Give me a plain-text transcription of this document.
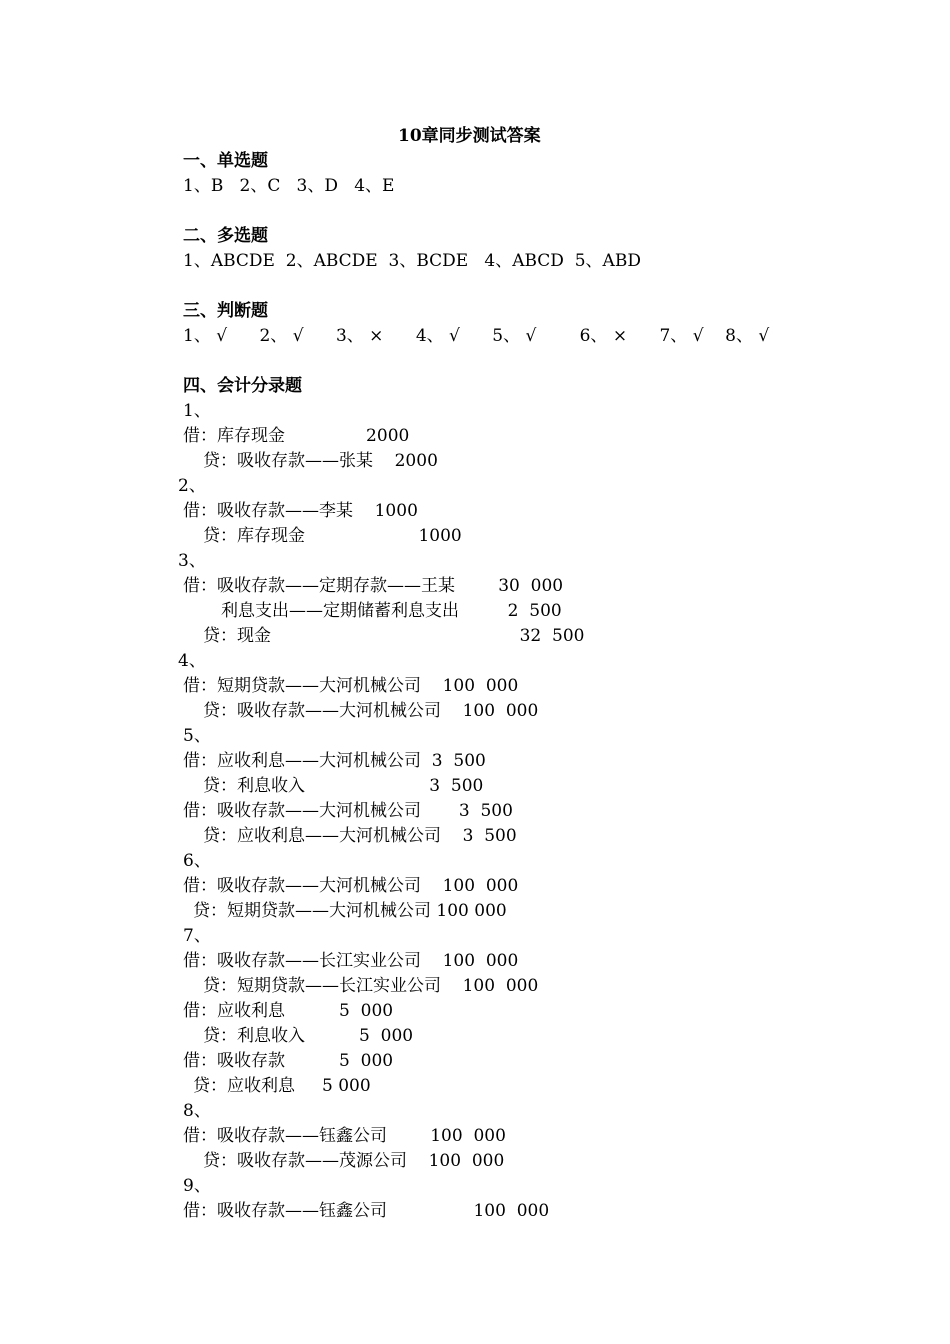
10章同步测试答案
一、单选题
1、B   2、C   3、D   4、E
二、多选题
1、ABCDE  2、ABCDE  3、BCDE   4、ABCD  5、ABD
三、判断题
1、 √      2、 √      3、 ×      4、 √      5、 √        6、 ×      7、 √    8、 √
四、会计分录题
1、
借：库存现金               2000
贷：吸收存款——张某    2000
2、
借：吸收存款——李某    1000
贷：库存现金                     1000
3、
借：吸收存款——定期存款——王某        30  000
利息支出——定期储蓄利息支出         2  500
贷：现金                                              32  500
4、
借：短期贷款——大河机械公司    100  000
贷：吸收存款——大河机械公司    100  000
5、
借：应收利息——大河机械公司  3  500
贷：利息收入                       3  500
借：吸收存款——大河机械公司       3  500
贷：应收利息——大河机械公司    3  500
6、
借：吸收存款——大河机械公司    100  000
贷：短期贷款——大河机械公司 100 000
7、
借：吸收存款——长江实业公司    100  000
贷：短期贷款——长江实业公司    100  000
借：应收利息          5  000
贷：利息收入          5  000
借：吸收存款          5  000
贷：应收利息     5 000
8、
借：吸收存款——钰鑫公司        100  000
贷：吸收存款——茂源公司    100  000
9、
借：吸收存款——钰鑫公司                100  000
